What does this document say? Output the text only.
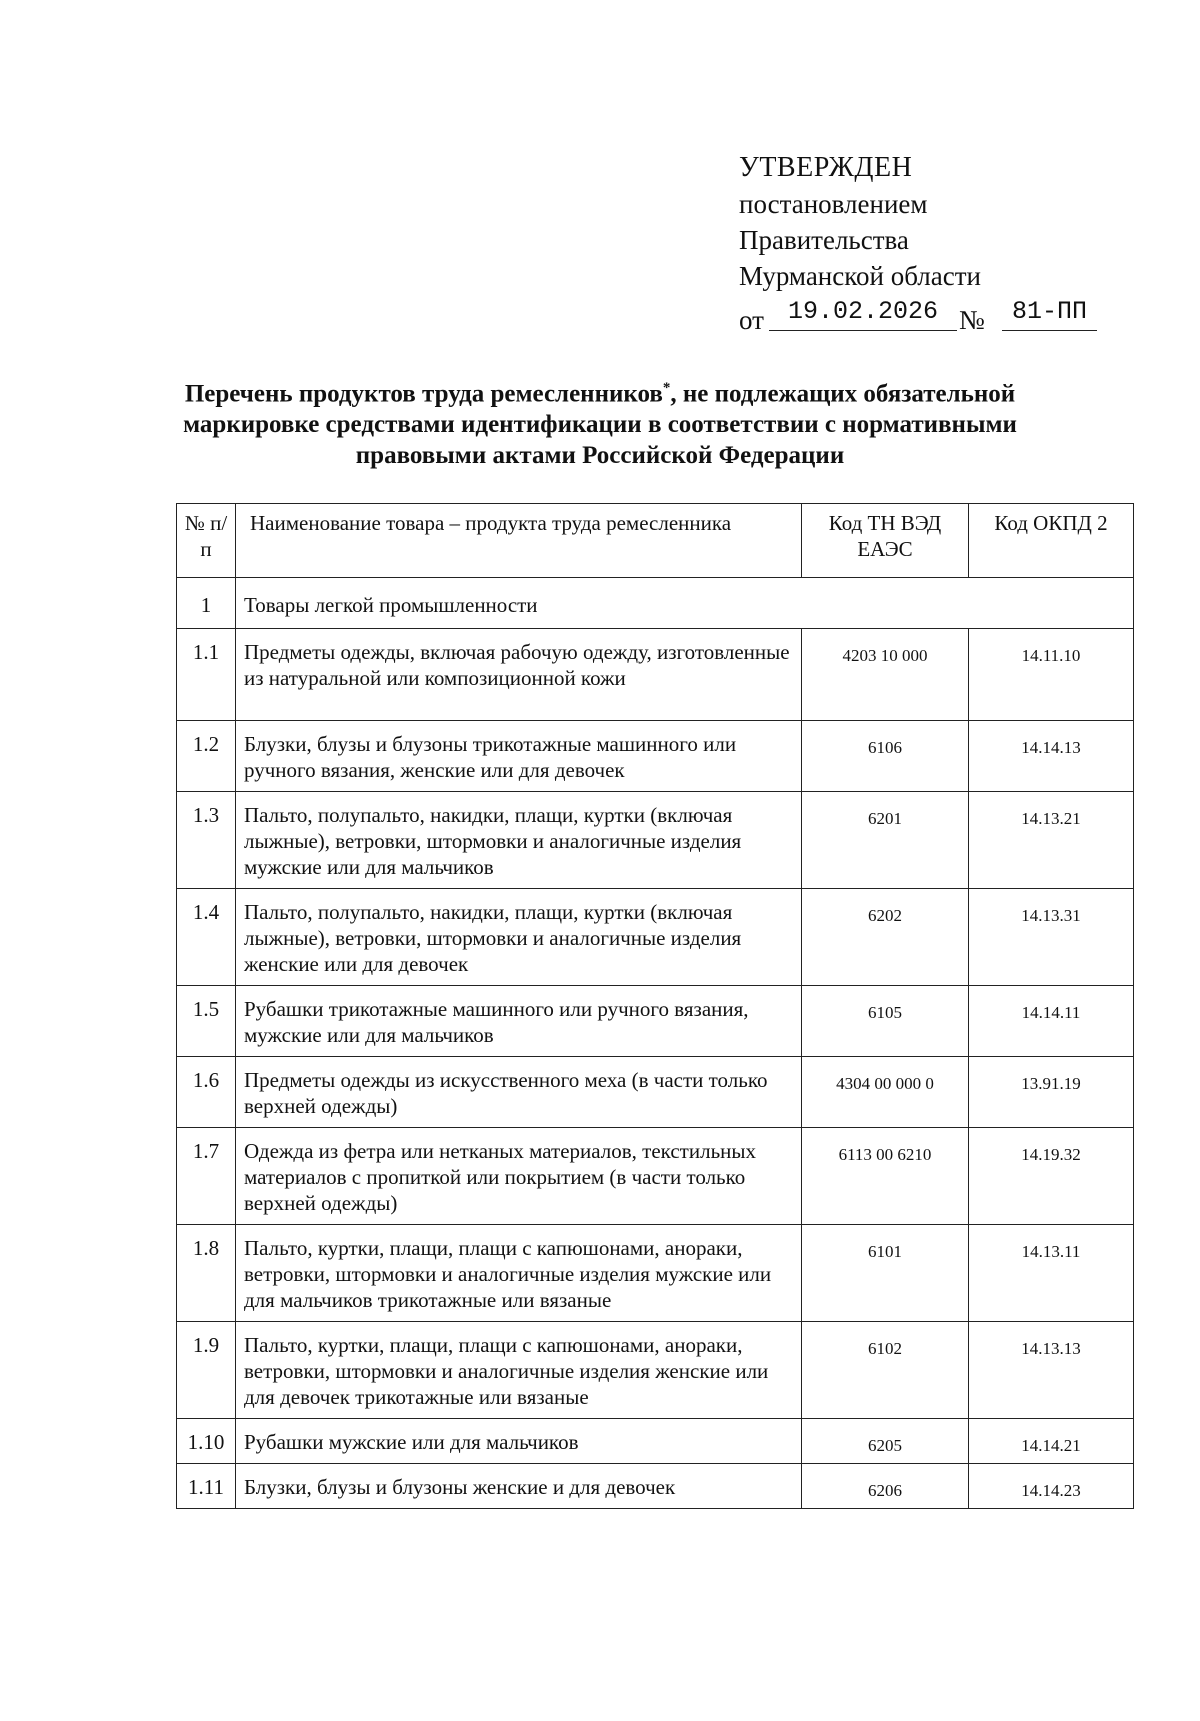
УТВЕРЖДЕН
постановлением Правительства
Мурманской области
от 19.02.2026 №	81-ПП
Перечень продуктов труда ремесленников*, не подлежащих обязательной маркировке средствами идентификации в соответствии с нормативными правовыми актами Российской Федерации
№ п/п	Наименование товара – продукта труда ремесленника	Код ТН ВЭД ЕАЭС	Код ОКПД 2
1	Товары легкой промышленности		
1.1	Предметы одежды, включая рабочую одежду, изготовленные из натуральной или композиционной кожи	4203 10 000	14.11.10
1.2	Блузки, блузы и блузоны трикотажные машинного или ручного вязания, женские или для девочек	6106	14.14.13
1.3	Пальто, полупальто, накидки, плащи, куртки (включая лыжные), ветровки, штормовки и аналогичные изделия мужские или для мальчиков	6201	14.13.21
1.4	Пальто, полупальто, накидки, плащи, куртки (включая лыжные), ветровки, штормовки и аналогичные изделия женские или для девочек	6202	14.13.31
1.5	Рубашки трикотажные машинного или ручного вязания, мужские или для мальчиков	6105	14.14.11
1.6	Предметы одежды из искусственного меха (в части только верхней одежды)	4304 00 000 0	13.91.19
1.7	Одежда из фетра или нетканых материалов, текстильных материалов с пропиткой или покрытием (в части только верхней одежды)	6113 00 6210	14.19.32
1.8	Пальто, куртки, плащи, плащи с капюшонами, анораки, ветровки, штормовки и аналогичные изделия мужские или для мальчиков трикотажные или вязаные	6101	14.13.11
1.9	Пальто, куртки, плащи, плащи с капюшонами, анораки, ветровки, штормовки и аналогичные изделия женские или для девочек трикотажные или вязаные	6102	14.13.13
1.10	Рубашки мужские или для мальчиков	6205	14.14.21
1.11	Блузки, блузы и блузоны женские и для девочек	6206	14.14.23
